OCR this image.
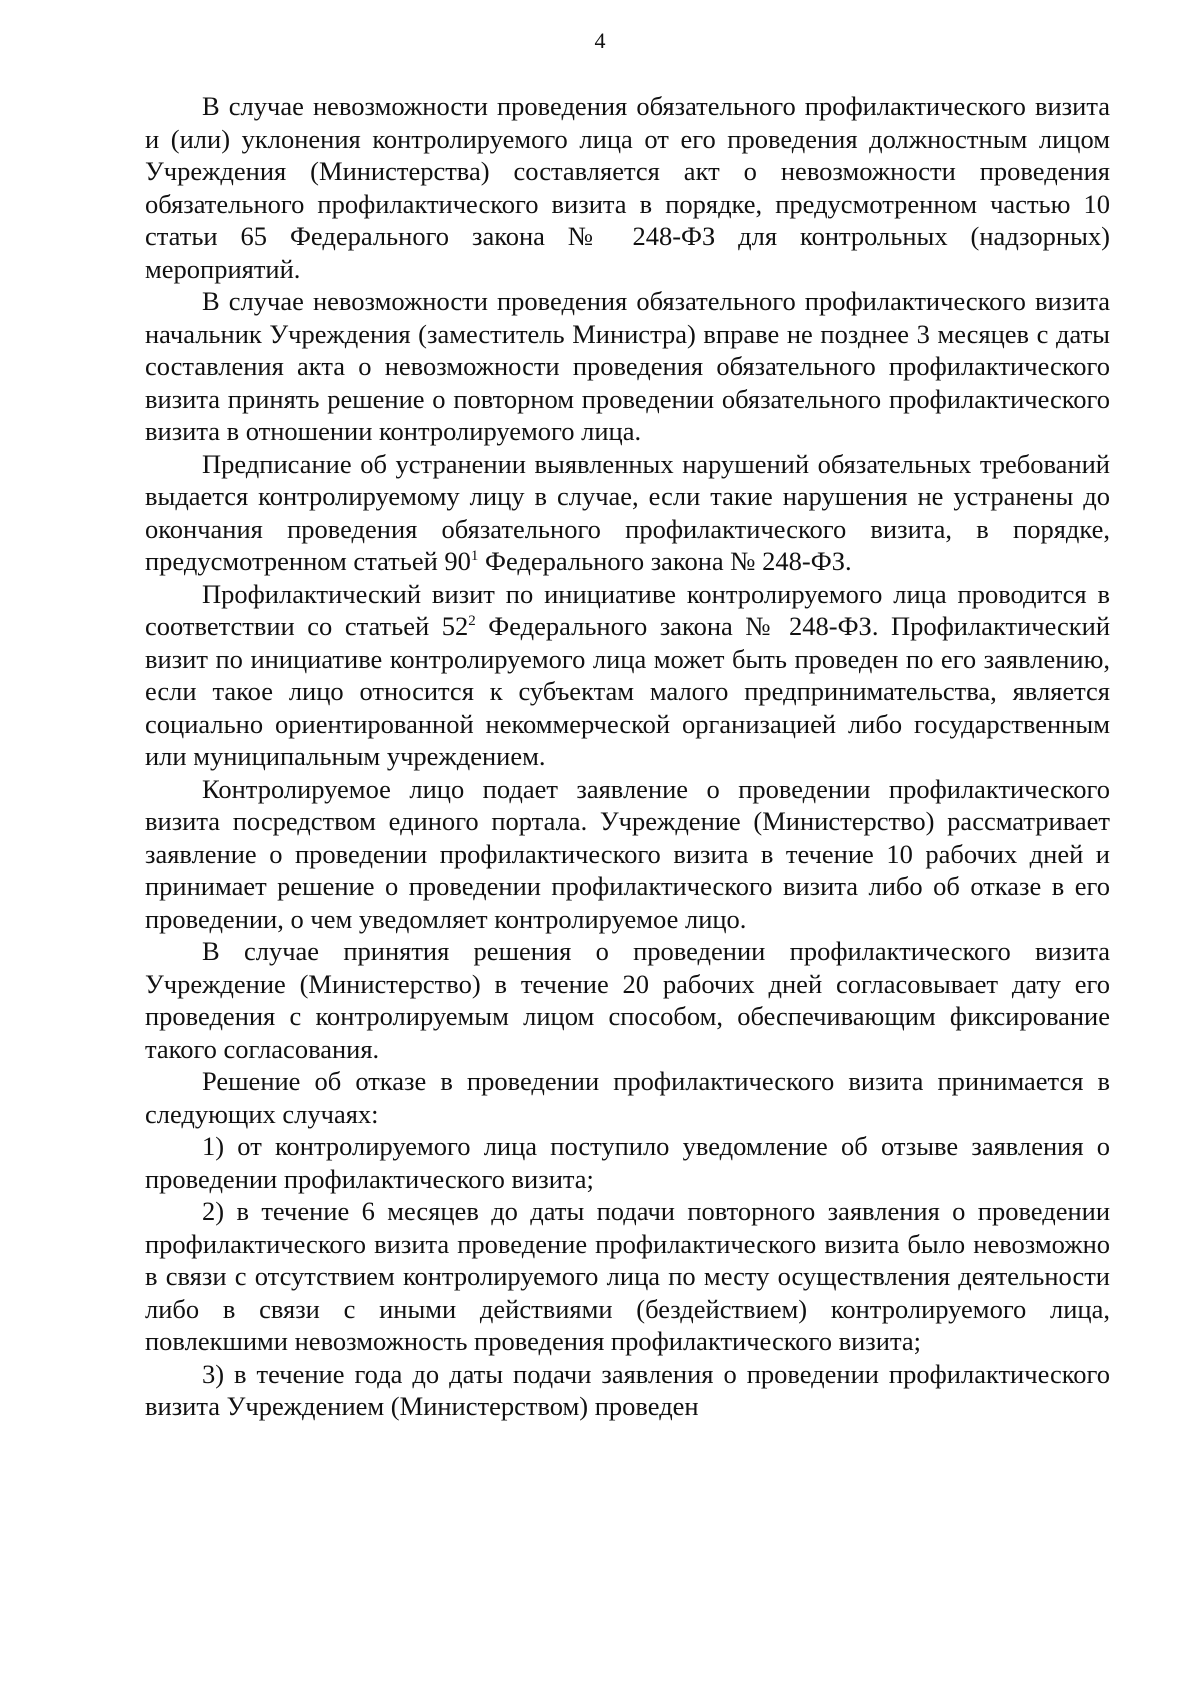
4

В случае невозможности проведения обязательного профилактического визита и (или) уклонения контролируемого лица от его проведения должностным лицом Учреждения (Министерства) составляется акт о невозможности проведения обязательного профилактического визита в порядке, предусмотренном частью 10 статьи 65 Федерального закона № 248-ФЗ для контрольных (надзорных) мероприятий.

В случае невозможности проведения обязательного профилактического визита начальник Учреждения (заместитель Министра) вправе не позднее 3 месяцев с даты составления акта о невозможности проведения обязательного профилактического визита принять решение о повторном проведении обязательного профилактического визита в отношении контролируемого лица.

Предписание об устранении выявленных нарушений обязательных требований выдается контролируемому лицу в случае, если такие нарушения не устранены до окончания проведения обязательного профилактического визита, в порядке, предусмотренном статьей $90^1$ Федерального закона № 248-ФЗ.

Профилактический визит по инициативе контролируемого лица проводится в соответствии со статьей $52^2$ Федерального закона № 248-ФЗ. Профилактический визит по инициативе контролируемого лица может быть проведен по его заявлению, если такое лицо относится к субъектам малого предпринимательства, является социально ориентированной некоммерческой организацией либо государственным или муниципальным учреждением.

Контролируемое лицо подает заявление о проведении профилактического визита посредством единого портала. Учреждение (Министерство) рассматривает заявление о проведении профилактического визита в течение 10 рабочих дней и принимает решение о проведении профилактического визита либо об отказе в его проведении, о чем уведомляет контролируемое лицо.

В случае принятия решения о проведении профилактического визита Учреждение (Министерство) в течение 20 рабочих дней согласовывает дату его проведения с контролируемым лицом способом, обеспечивающим фиксирование такого согласования.

Решение об отказе в проведении профилактического визита принимается в следующих случаях:

1) от контролируемого лица поступило уведомление об отзыве заявления о проведении профилактического визита;

2) в течение 6 месяцев до даты подачи повторного заявления о проведении профилактического визита проведение профилактического визита было невозможно в связи с отсутствием контролируемого лица по месту осуществления деятельности либо в связи с иными действиями (бездействием) контролируемого лица, повлекшими невозможность проведения профилактического визита;

3) в течение года до даты подачи заявления о проведении профилактического визита Учреждением (Министерством) проведен
